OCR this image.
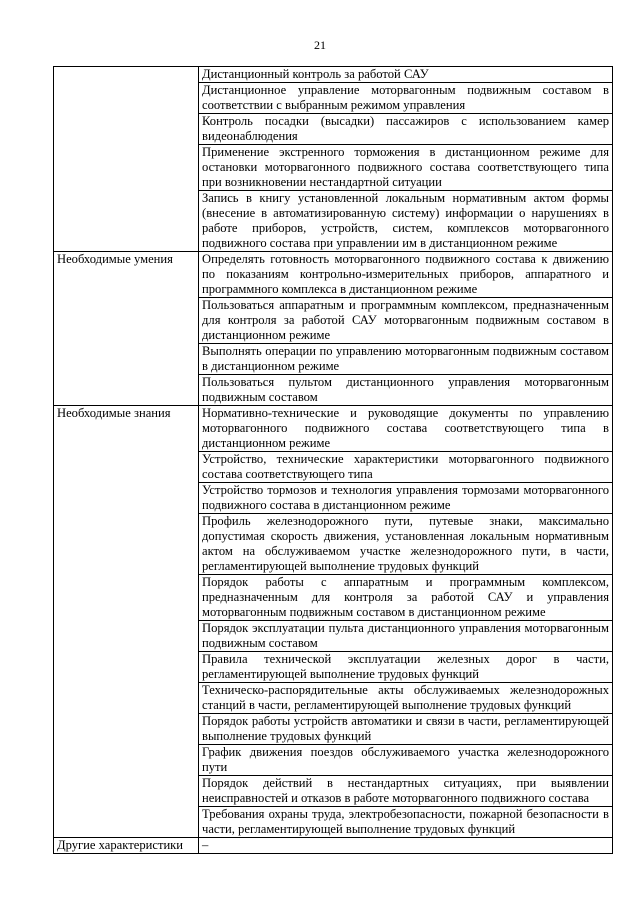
21
	Дистанционный контроль за работой САУ
	Дистанционное управление моторвагонным подвижным составом в соответствии с выбранным режимом управления
	Контроль посадки (высадки) пассажиров с использованием камер видеонаблюдения
	Применение экстренного торможения в дистанционном режиме для остановки моторвагонного подвижного состава соответствующего типа при возникновении нестандартной ситуации
	Запись в книгу установленной локальным нормативным актом формы (внесение в автоматизированную систему) информации о нарушениях в работе приборов, устройств, систем, комплексов моторвагонного подвижного состава при управлении им в дистанционном режиме
Необходимые умения	Определять готовность моторвагонного подвижного состава к движению по показаниям контрольно-измерительных приборов, аппаратного и программного комплекса в дистанционном режиме
	Пользоваться аппаратным и программным комплексом, предназначенным для контроля за работой САУ моторвагонным подвижным составом в дистанционном режиме
	Выполнять операции по управлению моторвагонным подвижным составом в дистанционном режиме
	Пользоваться пультом дистанционного управления моторвагонным подвижным составом
Необходимые знания	Нормативно-технические и руководящие документы по управлению моторвагонного подвижного состава соответствующего типа в дистанционном режиме
	Устройство, технические характеристики моторвагонного подвижного состава соответствующего типа
	Устройство тормозов и технология управления тормозами моторвагонного подвижного состава в дистанционном режиме
	Профиль железнодорожного пути, путевые знаки, максимально допустимая скорость движения, установленная локальным нормативным актом на обслуживаемом участке железнодорожного пути, в части, регламентирующей выполнение трудовых функций
	Порядок работы с аппаратным и программным комплексом, предназначенным для контроля за работой САУ и управления моторвагонным подвижным составом в дистанционном режиме
	Порядок эксплуатации пульта дистанционного управления моторвагонным подвижным составом
	Правила технической эксплуатации железных дорог в части, регламентирующей выполнение трудовых функций
	Техническо-распорядительные акты обслуживаемых железнодорожных станций в части, регламентирующей выполнение трудовых функций
	Порядок работы устройств автоматики и связи в части, регламентирующей выполнение трудовых функций
	График движения поездов обслуживаемого участка железнодорожного пути
	Порядок действий в нестандартных ситуациях, при выявлении неисправностей и отказов в работе моторвагонного подвижного состава
	Требования охраны труда, электробезопасности, пожарной безопасности в части, регламентирующей выполнение трудовых функций
Другие характеристики	–
